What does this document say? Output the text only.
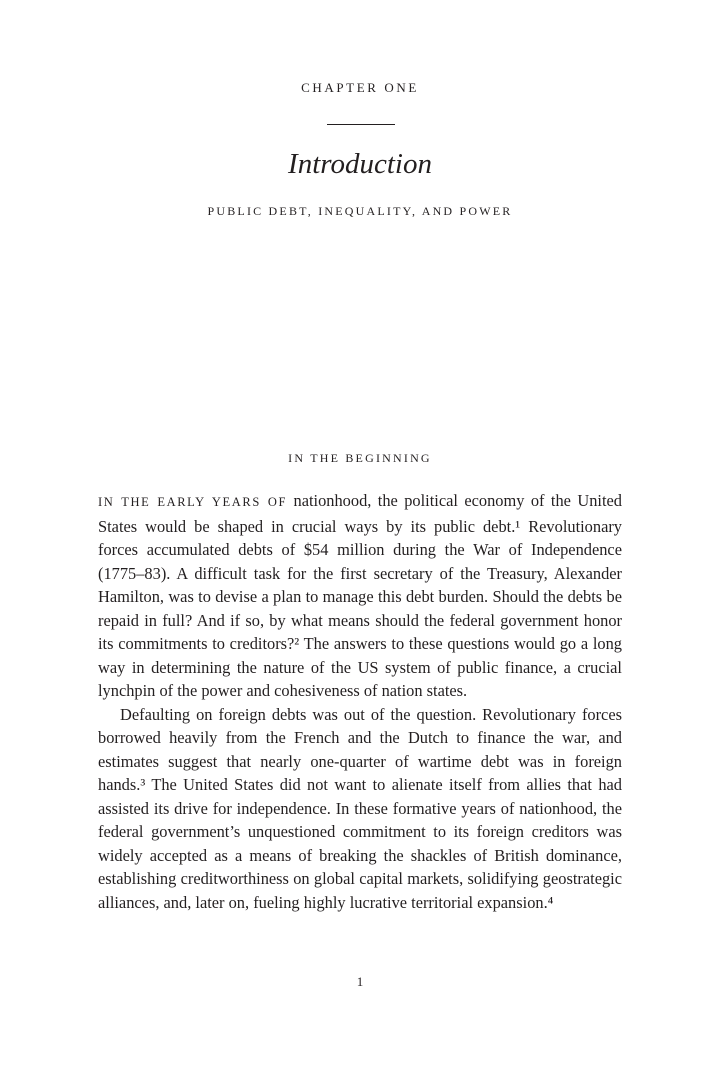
CHAPTER ONE
Introduction
PUBLIC DEBT, INEQUALITY, AND POWER
IN THE BEGINNING

IN THE EARLY YEARS OF nationhood, the political economy of the United States would be shaped in crucial ways by its public debt.¹ Revolutionary forces accumulated debts of $54 million during the War of Independence (1775–83). A difficult task for the first secretary of the Treasury, Alexander Hamilton, was to devise a plan to manage this debt burden. Should the debts be repaid in full? And if so, by what means should the federal government honor its commitments to creditors?² The answers to these questions would go a long way in determining the nature of the US system of public finance, a crucial lynchpin of the power and cohesiveness of nation states.

Defaulting on foreign debts was out of the question. Revolutionary forces borrowed heavily from the French and the Dutch to finance the war, and estimates suggest that nearly one-quarter of wartime debt was in foreign hands.³ The United States did not want to alienate itself from allies that had assisted its drive for independence. In these formative years of nationhood, the federal government’s unquestioned commitment to its foreign creditors was widely accepted as a means of breaking the shackles of British dominance, establishing creditworthiness on global capital markets, solidifying geostrategic alliances, and, later on, fueling highly lucrative territorial expansion.⁴

1
